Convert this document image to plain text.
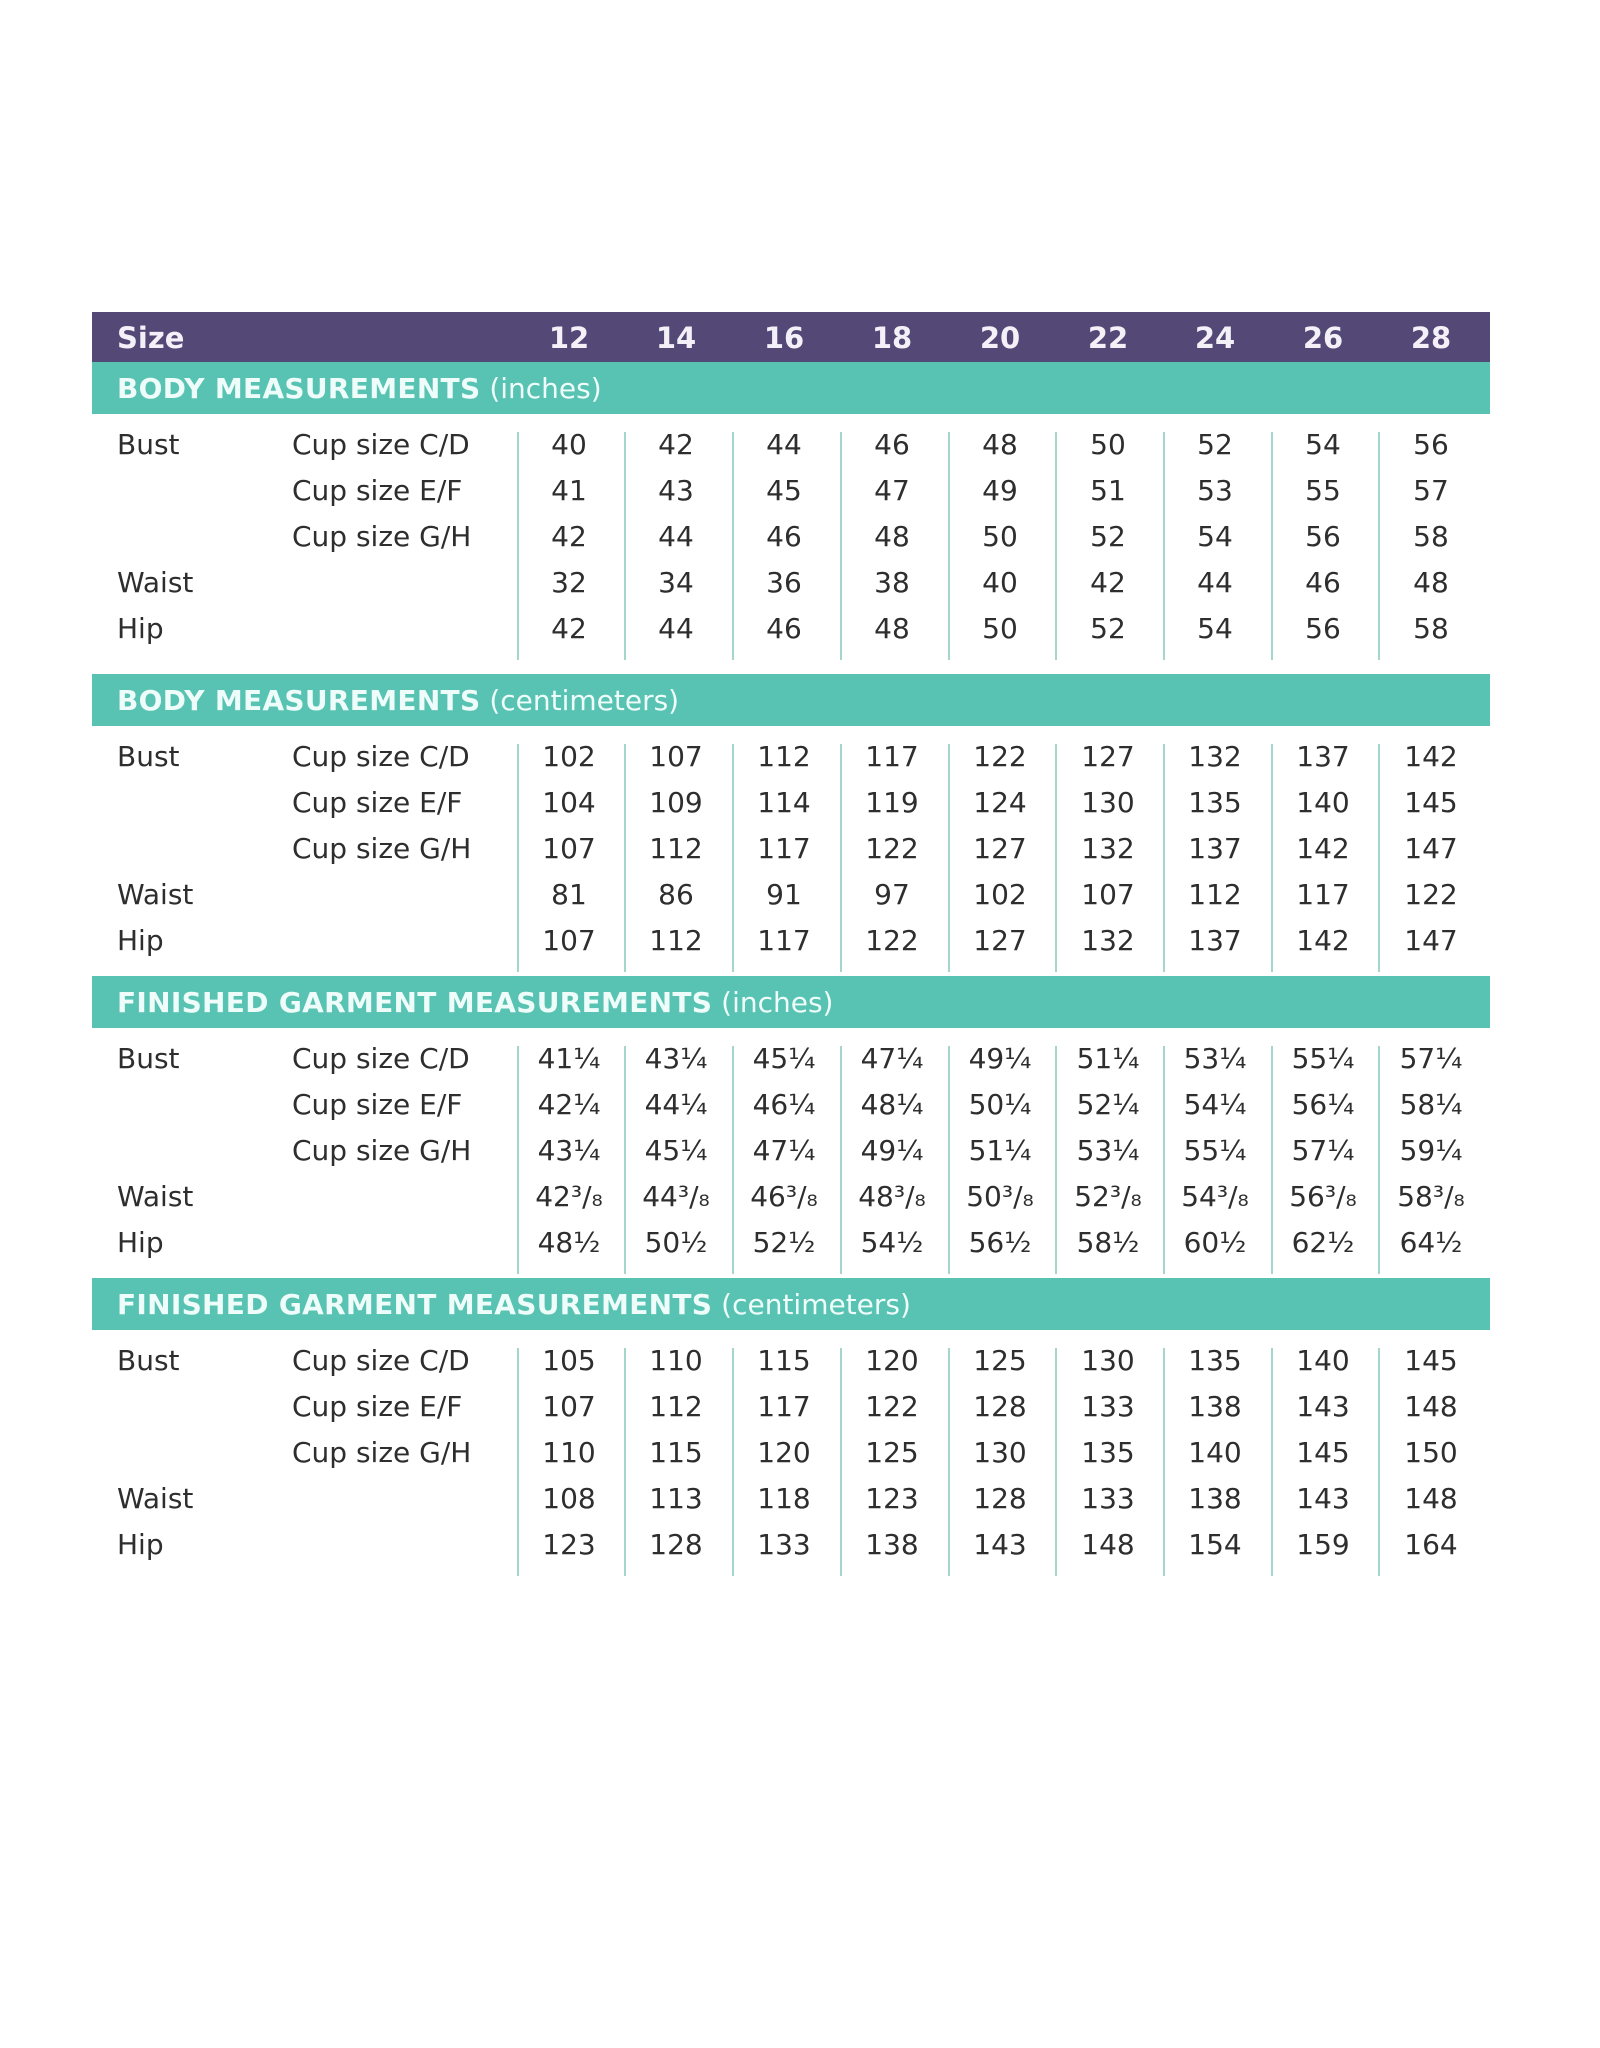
Size	12	14	16	18	20	22	24	26	28
BODY MEASUREMENTS (inches)
Bust	Cup size C/D	40	42	44	46	48	50	52	54	56
Cup size E/F	41	43	45	47	49	51	53	55	57
Cup size G/H	42	44	46	48	50	52	54	56	58
Waist	32	34	36	38	40	42	44	46	48
Hip	42	44	46	48	50	52	54	56	58
BODY MEASUREMENTS (centimeters)
Bust	Cup size C/D	102	107	112	117	122	127	132	137	142
Cup size E/F	104	109	114	119	124	130	135	140	145
Cup size G/H	107	112	117	122	127	132	137	142	147
Waist	81	86	91	97	102	107	112	117	122
Hip	107	112	117	122	127	132	137	142	147
FINISHED GARMENT MEASUREMENTS (inches)
Bust	Cup size C/D	41¼	43¼	45¼	47¼	49¼	51¼	53¼	55¼	57¼
Cup size E/F	42¼	44¼	46¼	48¼	50¼	52¼	54¼	56¼	58¼
Cup size G/H	43¼	45¼	47¼	49¼	51¼	53¼	55¼	57¼	59¼
Waist	42³/₈	44³/₈	46³/₈	48³/₈	50³/₈	52³/₈	54³/₈	56³/₈	58³/₈
Hip	48½	50½	52½	54½	56½	58½	60½	62½	64½
FINISHED GARMENT MEASUREMENTS (centimeters)
Bust	Cup size C/D	105	110	115	120	125	130	135	140	145
Cup size E/F	107	112	117	122	128	133	138	143	148
Cup size G/H	110	115	120	125	130	135	140	145	150
Waist	108	113	118	123	128	133	138	143	148
Hip	123	128	133	138	143	148	154	159	164
